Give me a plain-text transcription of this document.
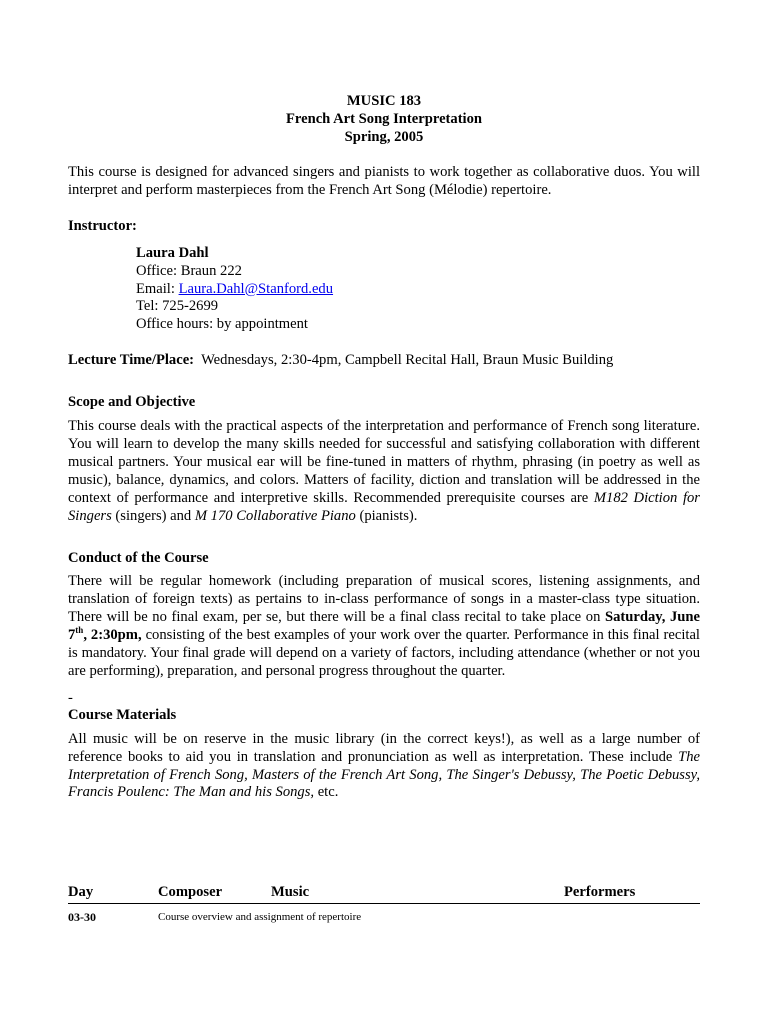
MUSIC 183
French Art Song Interpretation
Spring, 2005

This course is designed for advanced singers and pianists to work together as collaborative duos. You will interpret and perform masterpieces from the French Art Song (Mélodie) repertoire.

Instructor:

Laura Dahl
Office: Braun 222
Email: Laura.Dahl@Stanford.edu
Tel: 725-2699
Office hours: by appointment

Lecture Time/Place:  Wednesdays, 2:30-4pm, Campbell Recital Hall, Braun Music Building

Scope and Objective

This course deals with the practical aspects of the interpretation and performance of French song literature. You will learn to develop the many skills needed for successful and satisfying collaboration with different musical partners. Your musical ear will be fine-tuned in matters of rhythm, phrasing (in poetry as well as music), balance, dynamics, and colors. Matters of facility, diction and translation will be addressed in the context of performance and interpretive skills. Recommended prerequisite courses are M182 Diction for Singers (singers) and M 170 Collaborative Piano (pianists).

Conduct of the Course

There will be regular homework (including preparation of musical scores, listening assignments, and translation of foreign texts) as pertains to in-class performance of songs in a master-class type situation. There will be no final exam, per se, but there will be a final class recital to take place on Saturday, June 7th, 2:30pm, consisting of the best examples of your work over the quarter. Performance in this final recital is mandatory. Your final grade will depend on a variety of factors, including attendance (whether or not you are performing), preparation, and personal progress throughout the quarter.

-

Course Materials

All music will be on reserve in the music library (in the correct keys!), as well as a large number of reference books to aid you in translation and pronunciation as well as interpretation. These include The Interpretation of French Song, Masters of the French Art Song, The Singer's Debussy, The Poetic Debussy, Francis Poulenc: The Man and his Songs, etc.

Day	Composer	Music	Performers
03-30	Course overview and assignment of repertoire
